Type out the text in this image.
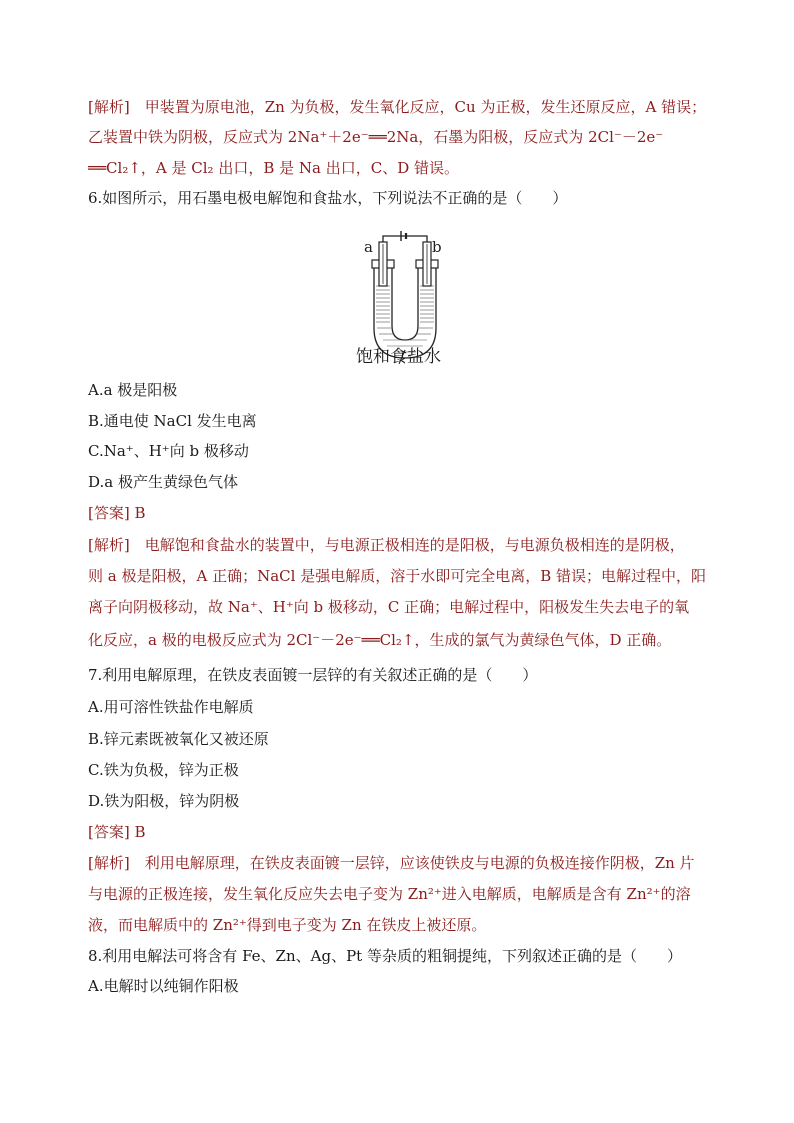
[解析]　甲装置为原电池，Zn 为负极，发生氧化反应，Cu 为正极，发生还原反应，A 错误；
乙装置中铁为阴极，反应式为 2Na⁺＋2e⁻══2Na，石墨为阳极，反应式为 2Cl⁻－2e⁻
══Cl₂↑，A 是 Cl₂ 出口，B 是 Na 出口，C、D 错误。
6.如图所示，用石墨电极电解饱和食盐水，下列说法不正确的是（　　）
A.a 极是阳极
B.通电使 NaCl 发生电离
C.Na⁺、H⁺向 b 极移动
D.a 极产生黄绿色气体
[答案] B
[解析]　电解饱和食盐水的装置中，与电源正极相连的是阳极，与电源负极相连的是阴极，
则 a 极是阳极，A 正确；NaCl 是强电解质，溶于水即可完全电离，B 错误；电解过程中，阳
离子向阴极移动，故 Na⁺、H⁺向 b 极移动，C 正确；电解过程中，阳极发生失去电子的氧
化反应，a 极的电极反应式为 2Cl⁻－2e⁻══Cl₂↑，生成的氯气为黄绿色气体，D 正确。
7.利用电解原理，在铁皮表面镀一层锌的有关叙述正确的是（　　）
A.用可溶性铁盐作电解质
B.锌元素既被氧化又被还原
C.铁为负极，锌为正极
D.铁为阳极，锌为阴极
[答案] B
[解析]　利用电解原理，在铁皮表面镀一层锌，应该使铁皮与电源的负极连接作阴极，Zn 片
与电源的正极连接，发生氧化反应失去电子变为 Zn²⁺进入电解质，电解质是含有 Zn²⁺的溶
液，而电解质中的 Zn²⁺得到电子变为 Zn 在铁皮上被还原。
8.利用电解法可将含有 Fe、Zn、Ag、Pt 等杂质的粗铜提纯，下列叙述正确的是（　　）
A.电解时以纯铜作阳极
a	b
饱和食盐水
